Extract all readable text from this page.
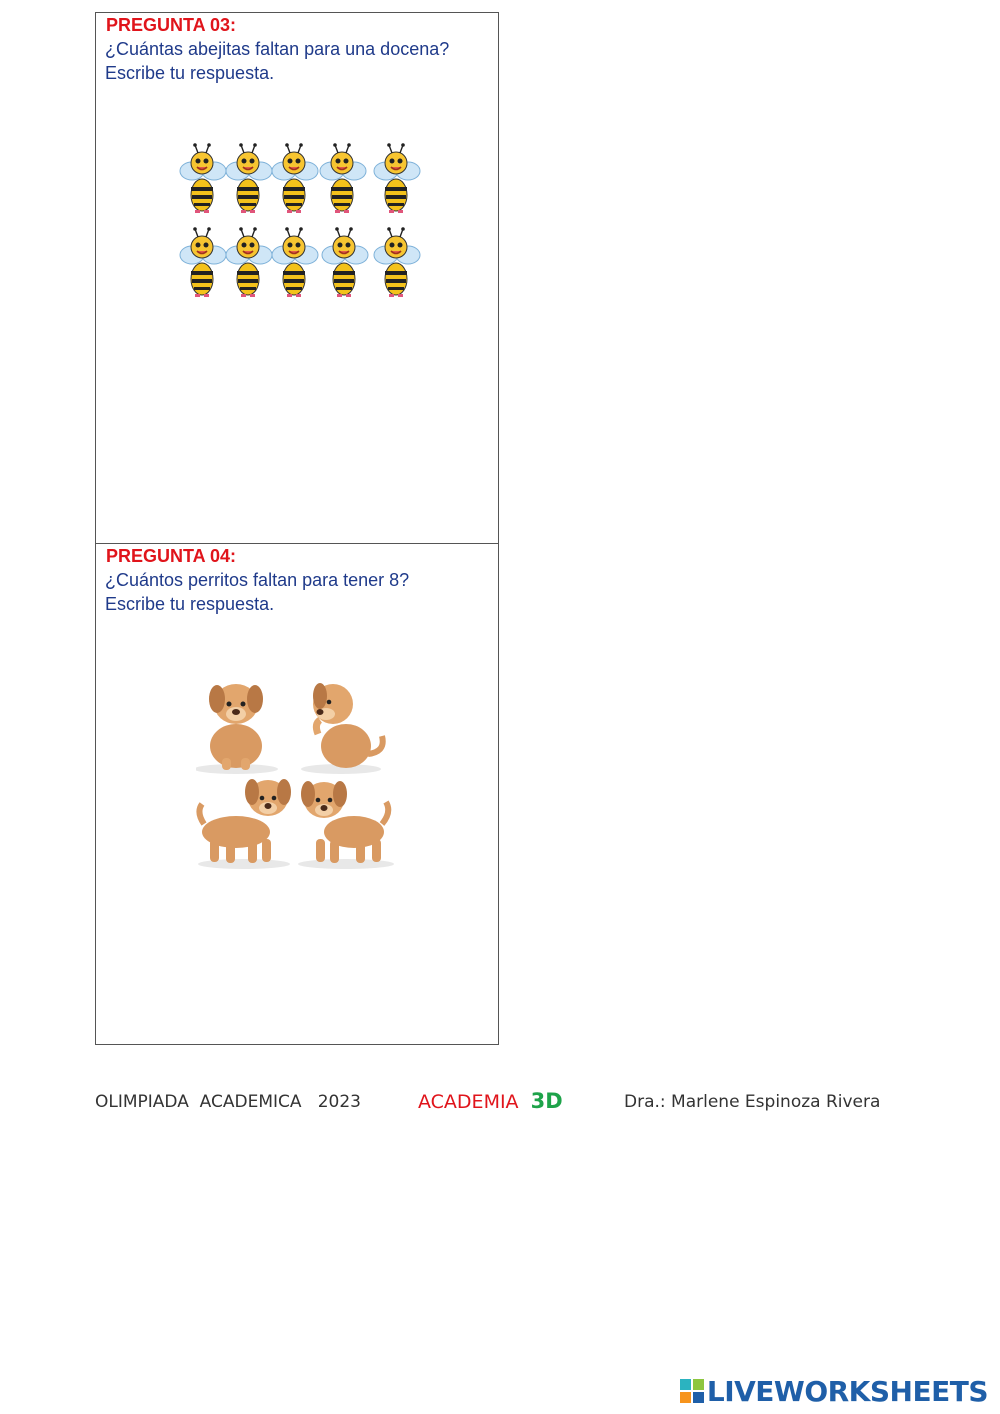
PREGUNTA 03:
¿Cuántas abejitas faltan para una docena?
Escribe tu respuesta.
PREGUNTA 04:
¿Cuántos perritos faltan para tener 8?
Escribe tu respuesta.
OLIMPIADA  ACADEMICA   2023	ACADEMIA 3D	Dra.: Marlene Espinoza Rivera
LIVEWORKSHEETS
